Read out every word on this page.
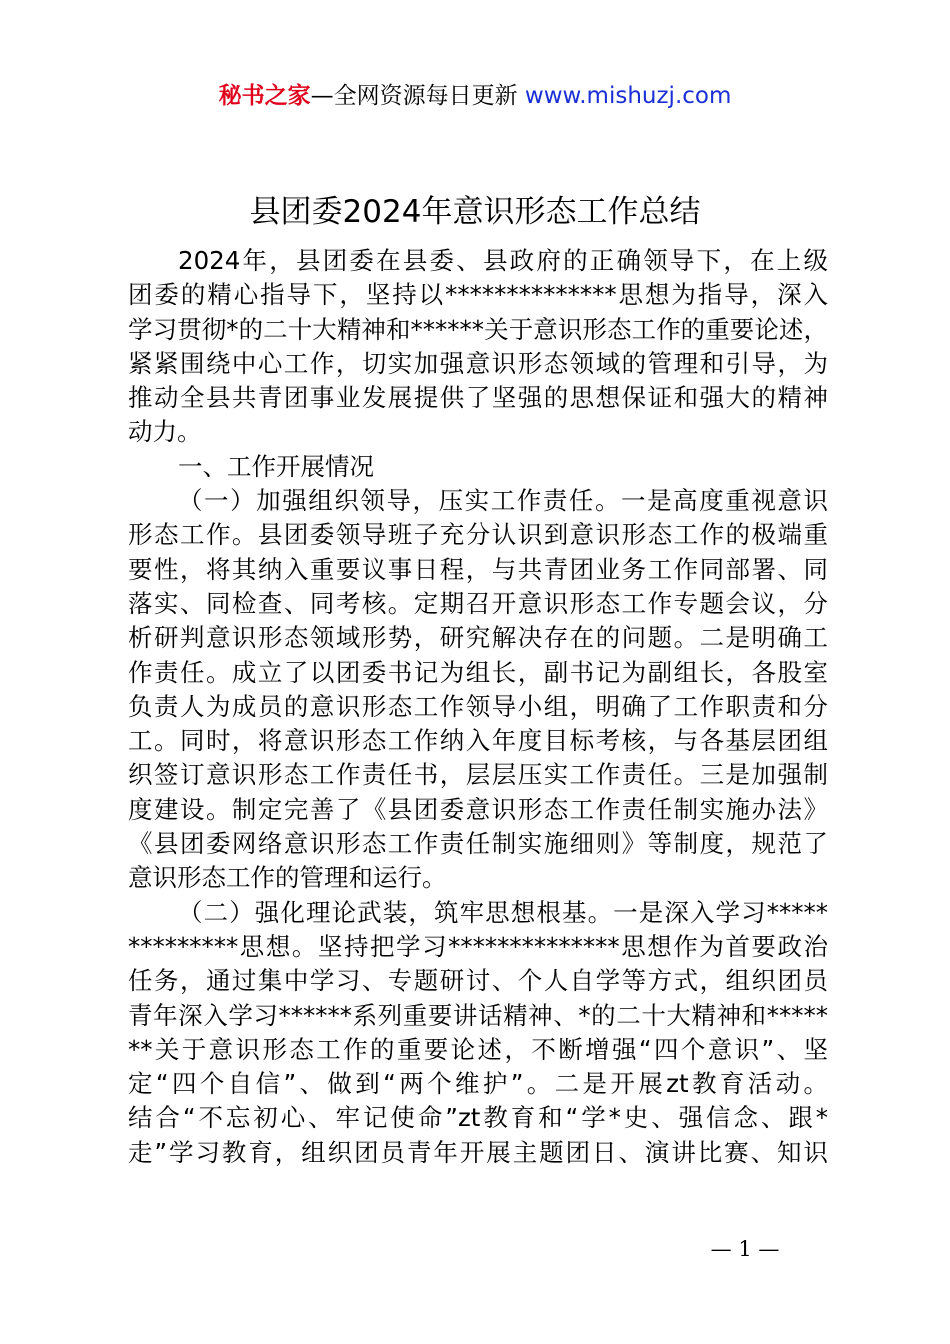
秘书之家—全网资源每日更新 www.mishuzj.com
县团委2024年意识形态工作总结
2024年，县团委在县委、县政府的正确领导下，在上级
团委的精心指导下，坚持以**************思想为指导，深入
学习贯彻*的二十大精神和******关于意识形态工作的重要论述，
紧紧围绕中心工作，切实加强意识形态领域的管理和引导，为
推动全县共青团事业发展提供了坚强的思想保证和强大的精神
动力。
一、工作开展情况
（一）加强组织领导，压实工作责任。一是高度重视意识
形态工作。县团委领导班子充分认识到意识形态工作的极端重
要性，将其纳入重要议事日程，与共青团业务工作同部署、同
落实、同检查、同考核。定期召开意识形态工作专题会议，分
析研判意识形态领域形势，研究解决存在的问题。二是明确工
作责任。成立了以团委书记为组长，副书记为副组长，各股室
负责人为成员的意识形态工作领导小组，明确了工作职责和分
工。同时，将意识形态工作纳入年度目标考核，与各基层团组
织签订意识形态工作责任书，层层压实工作责任。三是加强制
度建设。制定完善了《县团委意识形态工作责任制实施办法》
《县团委网络意识形态工作责任制实施细则》等制度，规范了
意识形态工作的管理和运行。
（二）强化理论武装，筑牢思想根基。一是深入学习*****
*********思想。坚持把学习**************思想作为首要政治
任务，通过集中学习、专题研讨、个人自学等方式，组织团员
青年深入学习******系列重要讲话精神、*的二十大精神和*****
**关于意识形态工作的重要论述，不断增强“四个意识”、坚
定“四个自信”、做到“两个维护”。二是开展zt教育活动。
结合“不忘初心、牢记使命”zt教育和“学*史、强信念、跟*
走”学习教育，组织团员青年开展主题团日、演讲比赛、知识
— 1 —
